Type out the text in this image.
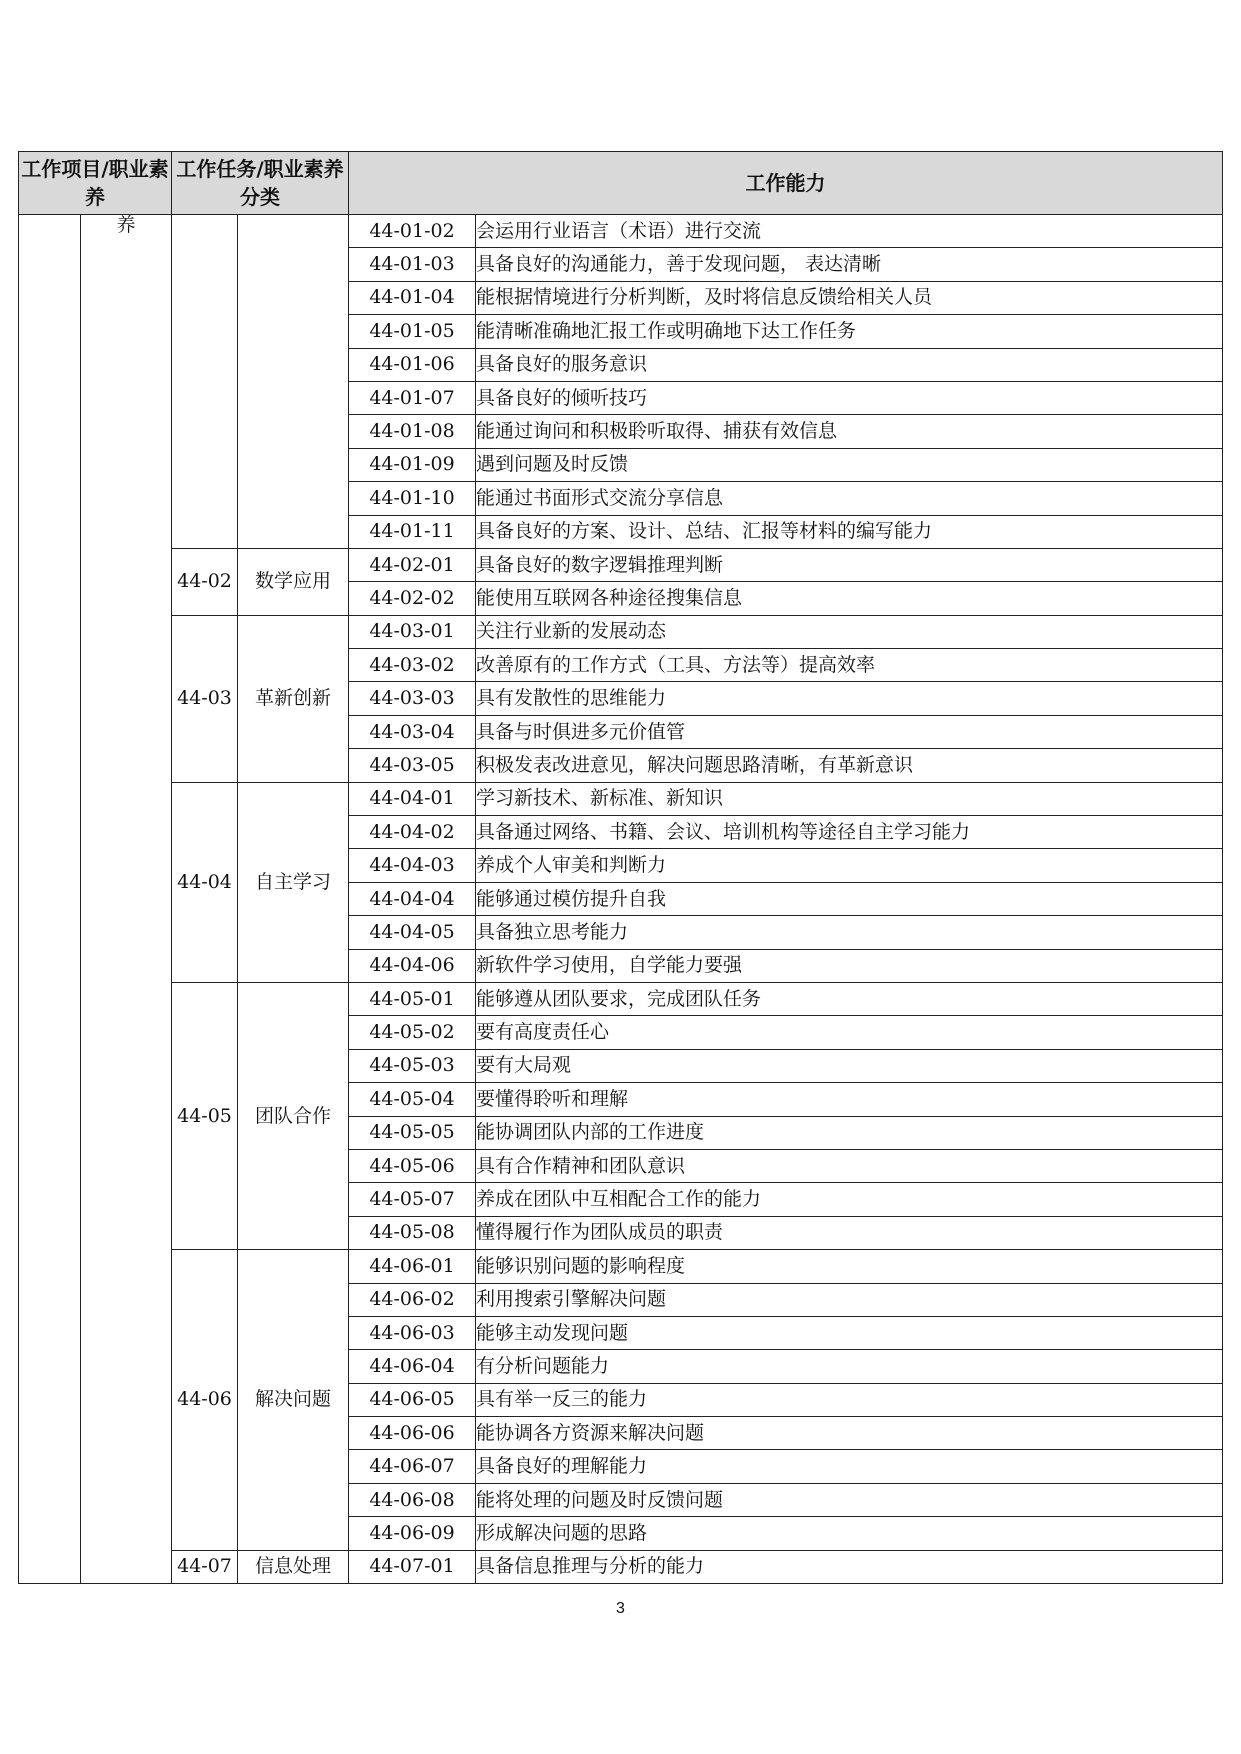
工作项目/职业素养		工作任务/职业素养分类		工作能力	
	养			44-01-02	会运用行业语言（术语）进行交流
				44-01-03	具备良好的沟通能力，善于发现问题， 表达清晰
				44-01-04	能根据情境进行分析判断，及时将信息反馈给相关人员
				44-01-05	能清晰准确地汇报工作或明确地下达工作任务
				44-01-06	具备良好的服务意识
				44-01-07	具备良好的倾听技巧
				44-01-08	能通过询问和积极聆听取得、捕获有效信息
				44-01-09	遇到问题及时反馈
				44-01-10	能通过书面形式交流分享信息
				44-01-11	具备良好的方案、设计、总结、汇报等材料的编写能力
		44-02	数学应用	44-02-01	具备良好的数字逻辑推理判断
				44-02-02	能使用互联网各种途径搜集信息
		44-03	革新创新	44-03-01	关注行业新的发展动态
				44-03-02	改善原有的工作方式（工具、方法等）提高效率
				44-03-03	具有发散性的思维能力
				44-03-04	具备与时俱进多元价值管
				44-03-05	积极发表改进意见，解决问题思路清晰，有革新意识
		44-04	自主学习	44-04-01	学习新技术、新标准、新知识
				44-04-02	具备通过网络、书籍、会议、培训机构等途径自主学习能力
				44-04-03	养成个人审美和判断力
				44-04-04	能够通过模仿提升自我
				44-04-05	具备独立思考能力
				44-04-06	新软件学习使用，自学能力要强
		44-05	团队合作	44-05-01	能够遵从团队要求，完成团队任务
				44-05-02	要有高度责任心
				44-05-03	要有大局观
				44-05-04	要懂得聆听和理解
				44-05-05	能协调团队内部的工作进度
				44-05-06	具有合作精神和团队意识
				44-05-07	养成在团队中互相配合工作的能力
				44-05-08	懂得履行作为团队成员的职责
		44-06	解决问题	44-06-01	能够识别问题的影响程度
				44-06-02	利用搜索引擎解决问题
				44-06-03	能够主动发现问题
				44-06-04	有分析问题能力
				44-06-05	具有举一反三的能力
				44-06-06	能协调各方资源来解决问题
				44-06-07	具备良好的理解能力
				44-06-08	能将处理的问题及时反馈问题
				44-06-09	形成解决问题的思路
		44-07	信息处理	44-07-01	具备信息推理与分析的能力
3
